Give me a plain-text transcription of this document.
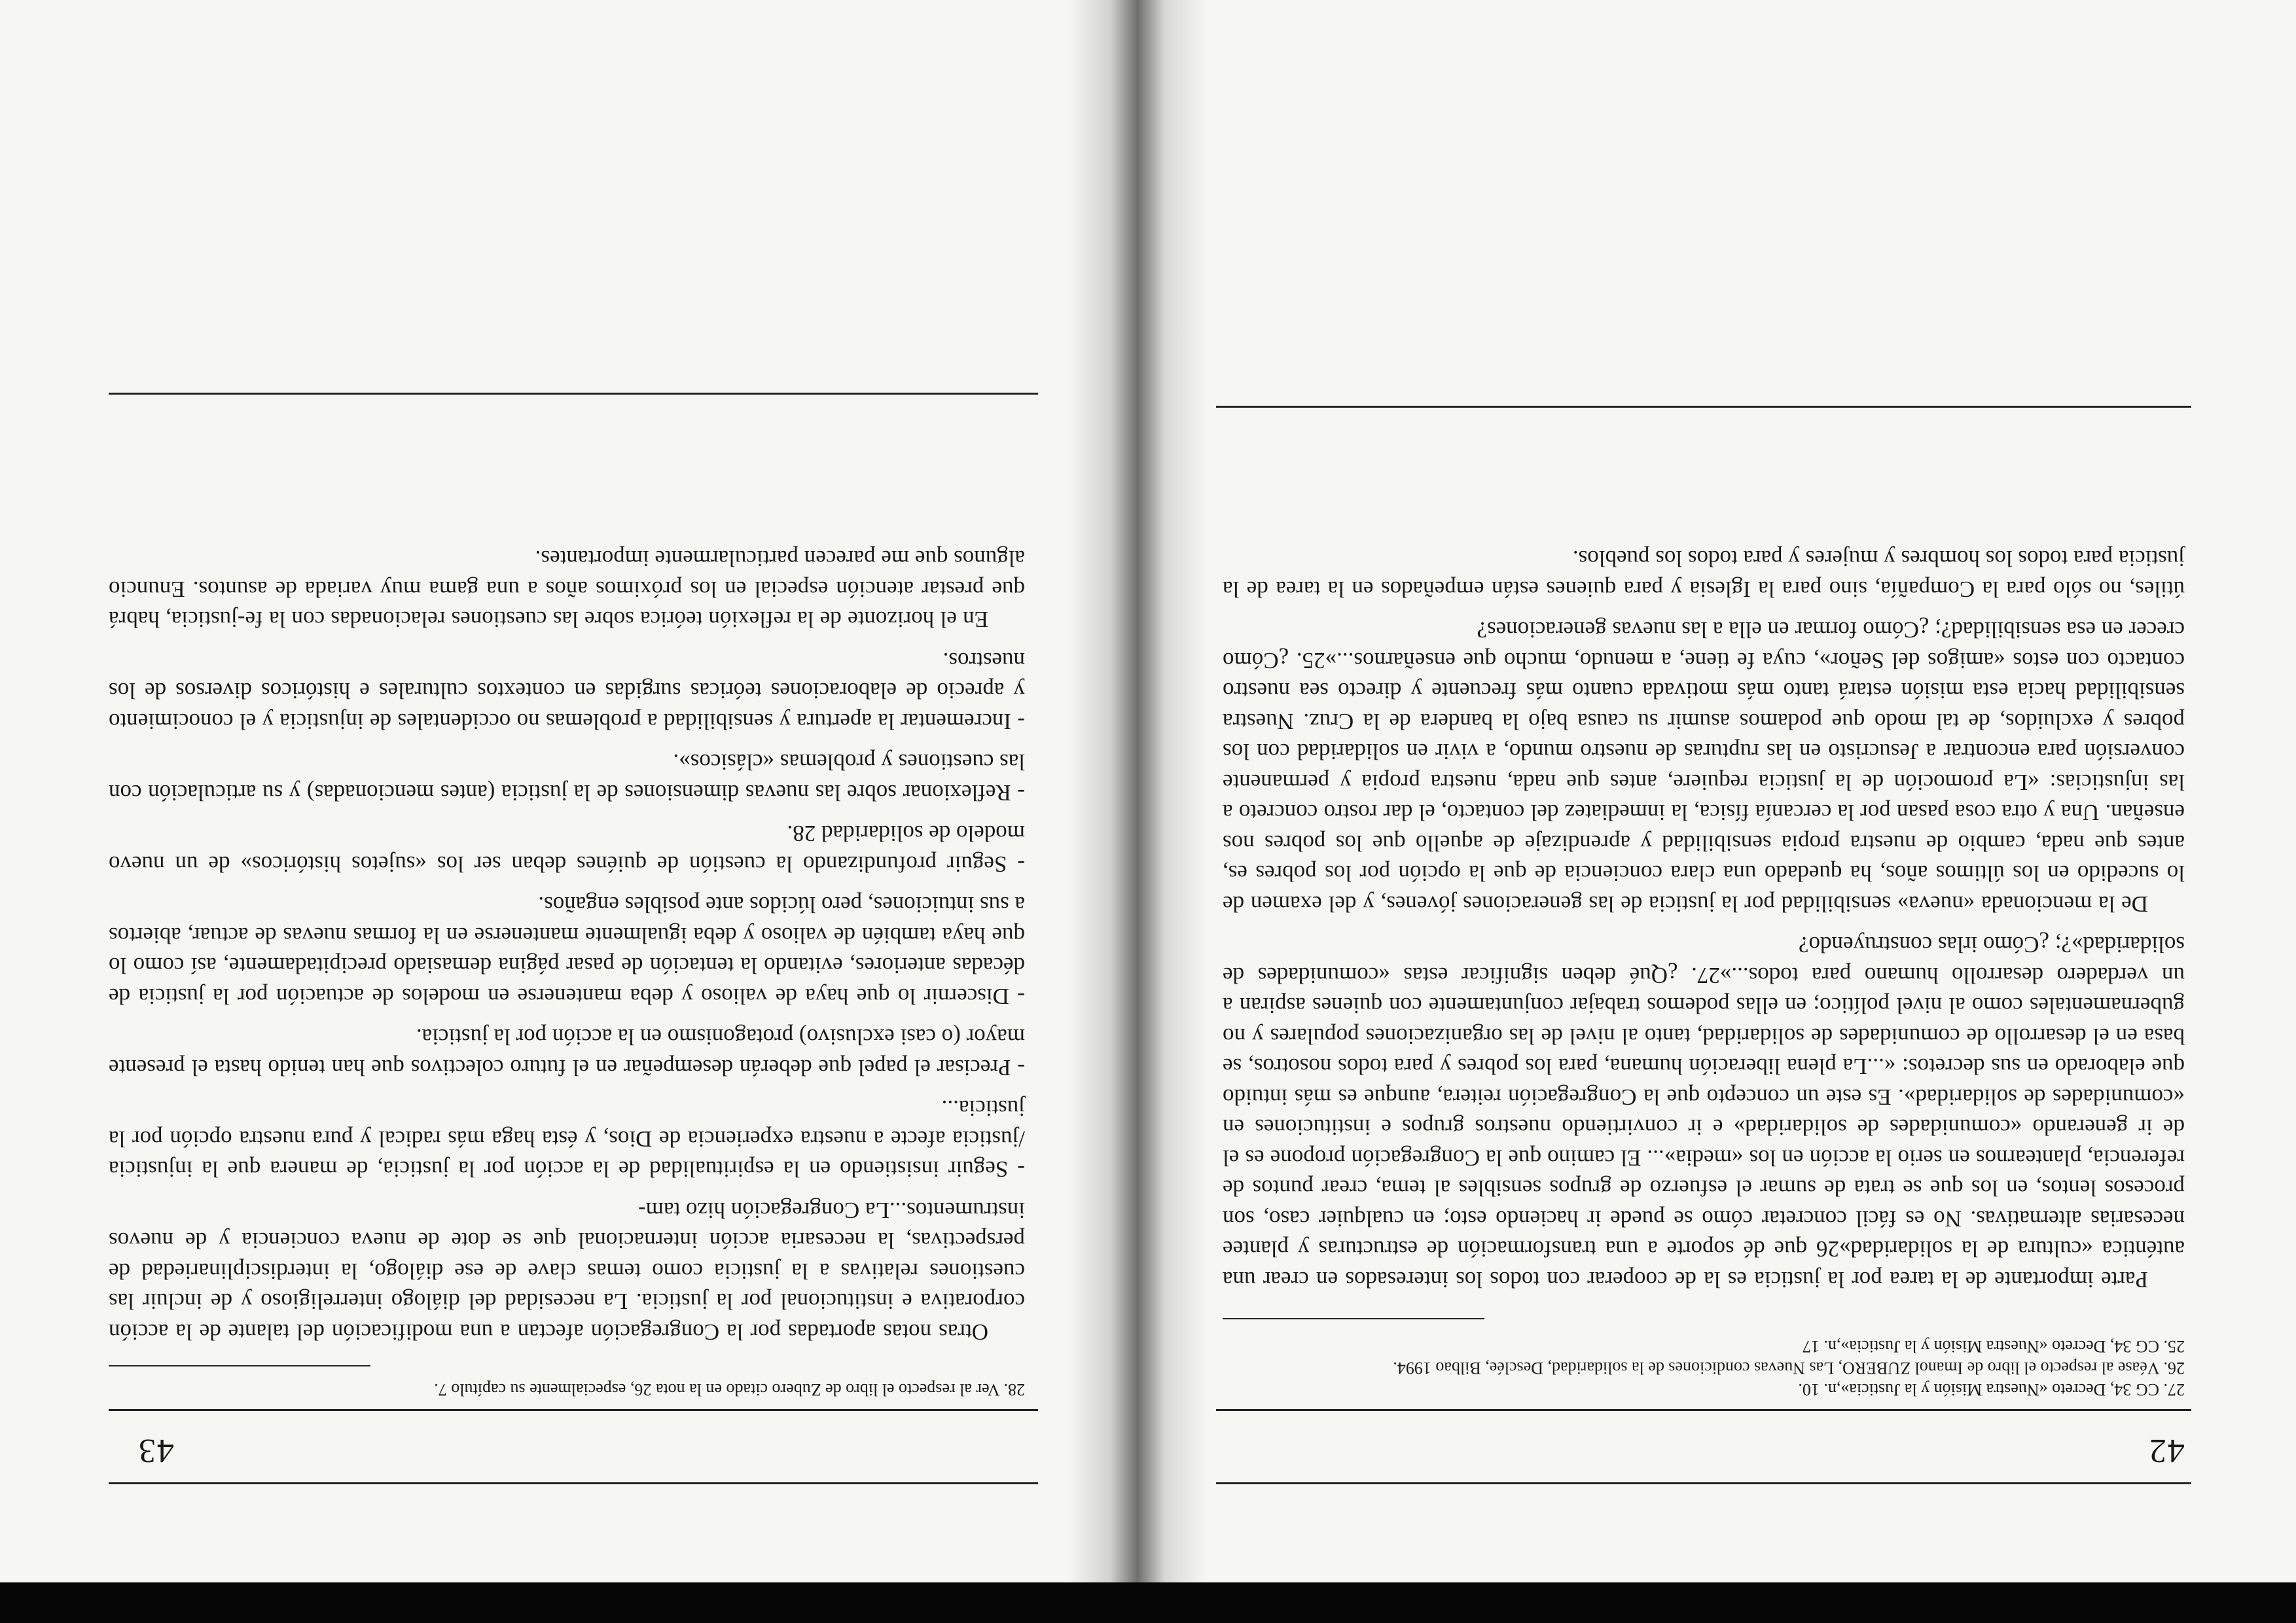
42

27. CG 34, Decreto «Nuestra Misión y la Justicia»,n. 10.

26. Véase al respecto el libro de Imanol ZUBERO, Las Nuevas condiciones de la solidaridad, Desclée, Bilbao 1994.

25. CG 34, Decreto «Nuestra Misión y la Justicia»,n. 17

Parte importante de la tarea por la justicia es la de cooperar con todos los interesados en crear una auténtica «cultura de la solidaridad»26 que dé soporte a una transformación de estructuras y plantee necesarias alternativas. No es fácil concretar cómo se puede ir haciendo esto; en cualquier caso, son procesos lentos, en los que se trata de sumar el esfuerzo de grupos sensibles al tema, crear puntos de referencia, plantearnos en serio la acción en los «media»... El camino que la Congregación propone es el de ir generando «comunidades de solidaridad» e ir convirtiendo nuestros grupos e instituciones en «comunidades de solidaridad». Es este un concepto que la Congregación reitera, aunque es más intuido que elaborado en sus decretos: «...La plena liberación humana, para los pobres y para todos nosotros, se basa en el desarrollo de comunidades de solidaridad, tanto al nivel de las organizaciones populares y no gubernamentales como al nivel político; en ellas podemos trabajar conjuntamente con quienes aspiran a un verdadero desarrollo humano para todos...»27. ¿Qué deben significar estas «comunidades de solidaridad»?; ¿Cómo irlas construyendo?

De la mencionada «nueva» sensibilidad por la justicia de las generaciones jóvenes, y del examen de lo sucedido en los últimos años, ha quedado una clara conciencia de que la opción por los pobres es, antes que nada, cambio de nuestra propia sensibilidad y aprendizaje de aquello que los pobres nos enseñan. Una y otra cosa pasan por la cercanía física, la inmediatez del contacto, el dar rostro concreto a las injusticias: «La promoción de la justicia requiere, antes que nada, nuestra propia y permanente conversión para encontrar a Jesucristo en las rupturas de nuestro mundo, a vivir en solidaridad con los pobres y excluidos, de tal modo que podamos asumir su causa bajo la bandera de la Cruz. Nuestra sensibilidad hacia esta misión estará tanto más motivada cuanto más frecuente y directo sea nuestro contacto con estos «amigos del Señor», cuya fe tiene, a menudo, mucho que enseñarnos...»25. ¿Cómo crecer en esa sensibilidad?; ¿Cómo formar en ella a las nuevas generaciones?

útiles, no sólo para la Compañía, sino para la Iglesia y para quienes están empeñados en la tarea de la justicia para todos los hombres y mujeres y para todos los pueblos.

43

28. Ver al respecto el libro de Zubero citado en la nota 26, especialmente su capítulo 7.

Otras notas aportadas por la Congregación afectan a una modificación del talante de la acción corporativa e institucional por la justicia. La necesidad del diálogo interreligioso y de incluir las cuestiones relativas a la justicia como temas clave de ese diálogo, la interdisciplinariedad de perspectivas, la necesaria acción internacional que se dote de nueva conciencia y de nuevos instrumentos...La Congregación hizo tam-

- Seguir insistiendo en la espiritualidad de la acción por la justicia, de manera que la injusticia /justicia afecte a nuestra experiencia de Dios, y ésta haga más radical y pura nuestra opción por la justicia...

- Precisar el papel que deberán desempeñar en el futuro colectivos que han tenido hasta el presente mayor (o casi exclusivo) protagonismo en la acción por la justicia.

- Discernir lo que haya de valioso y deba mantenerse en modelos de actuación por la justicia de décadas anteriores, evitando la tentación de pasar página demasiado precipitadamente, así como lo que haya también de valioso y deba igualmente mantenerse en la formas nuevas de actuar, abiertos a sus intuiciones, pero lúcidos ante posibles engaños.

- Seguir profundizando la cuestión de quiénes deban ser los «sujetos históricos» de un nuevo modelo de solidaridad 28.

- Reflexionar sobre las nuevas dimensiones de la justicia (antes mencionadas) y su articulación con las cuestiones y problemas «clásicos».

- Incrementar la apertura y sensibilidad a problemas no occidentales de injusticia y el conocimiento y aprecio de elaboraciones teóricas surgidas en contextos culturales e históricos diversos de los nuestros.

En el horizonte de la reflexión teórica sobre las cuestiones relacionadas con la fe-justicia, habrá que prestar atención especial en los próximos años a una gama muy variada de asuntos. Enuncio algunos que me parecen particularmente importantes.
